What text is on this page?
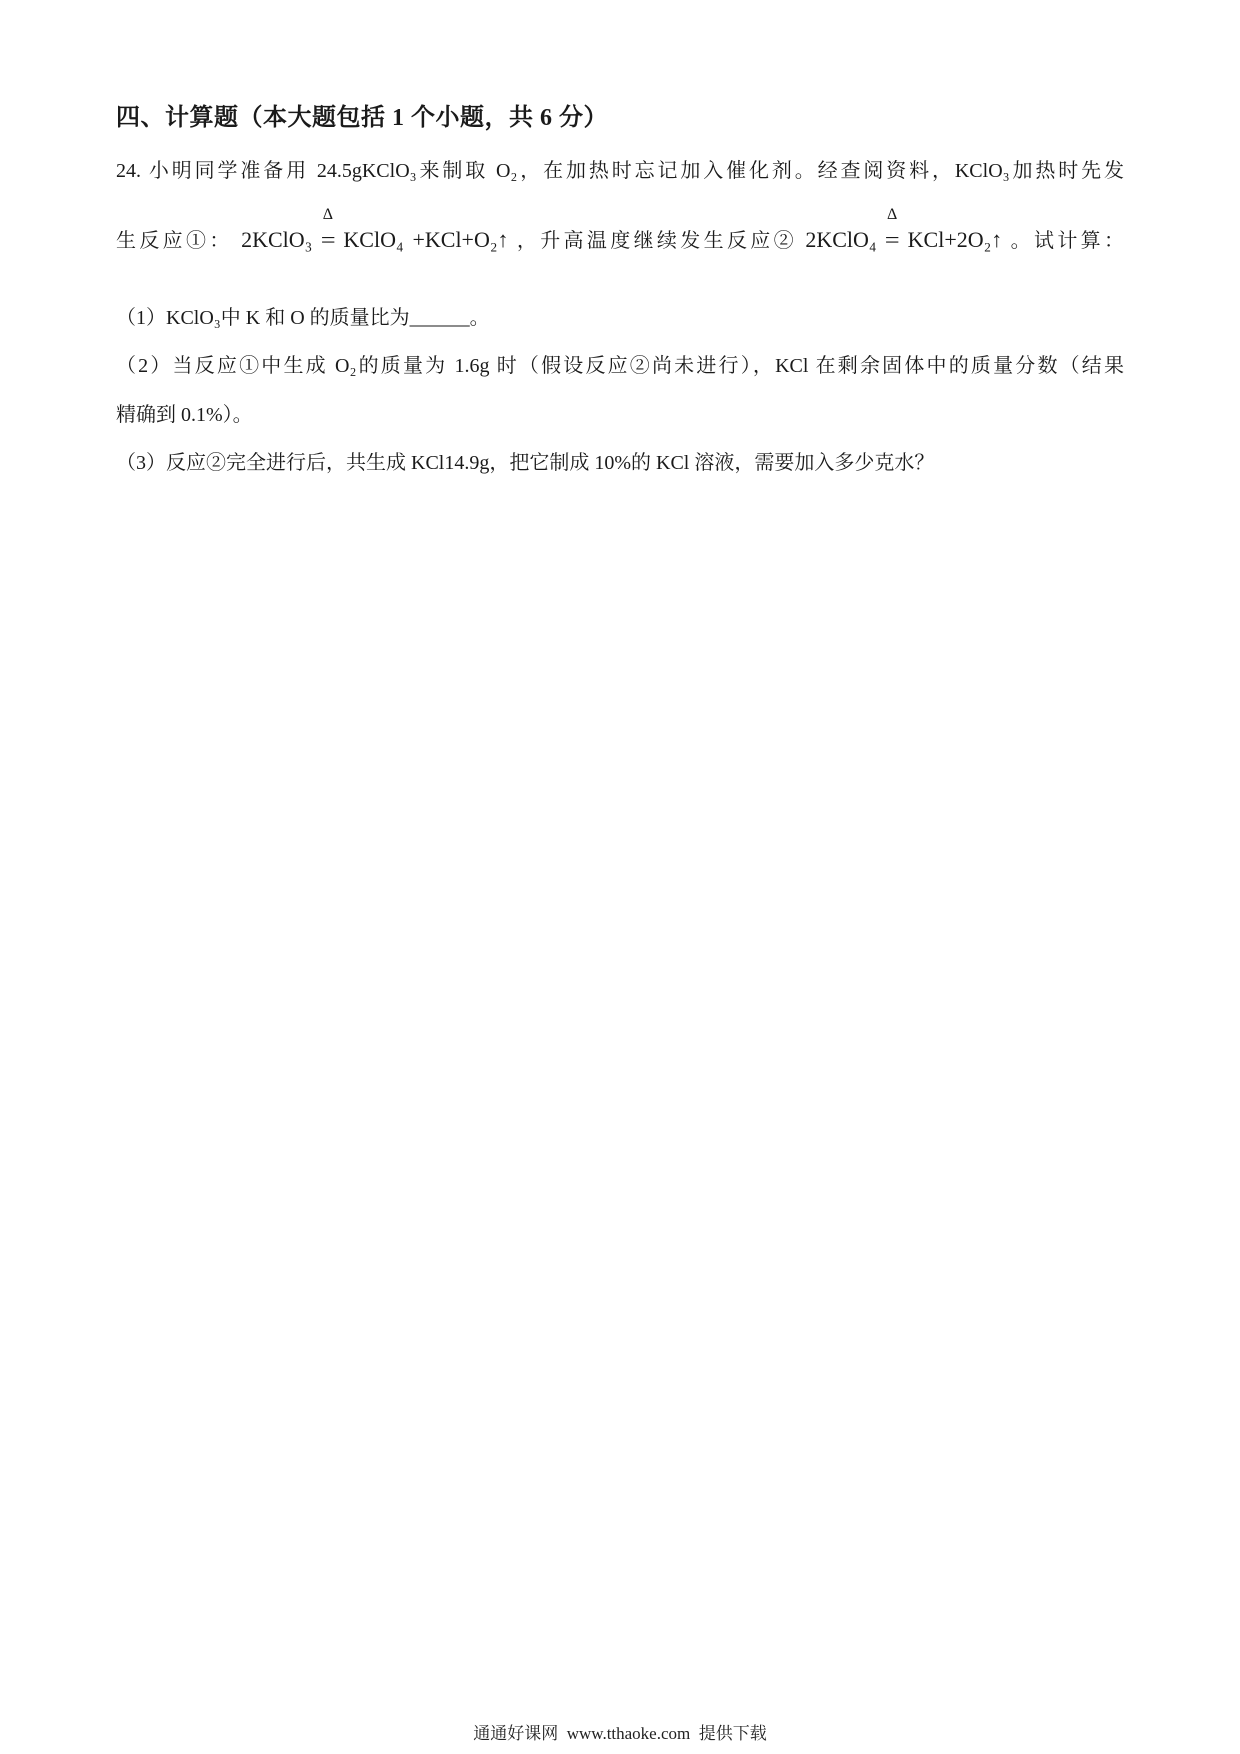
四、计算题（本大题包括 1 个小题，共 6 分）
24. 小明同学准备用 24.5gKClO₃来制取 O₂，在加热时忘记加入催化剂。经查阅资料，KClO₃加热时先发
生反应①： 2KClO₃
Δ
= KClO₄ +KCl+O₂↑ ，升高温度继续发生反应② 2KClO₄
Δ
= KCl+2O₂↑ 。试计算：
（1）KClO₃中 K 和 O 的质量比为______。
（2）当反应①中生成 O₂的质量为 1.6g 时（假设反应②尚未进行），KCl 在剩余固体中的质量分数（结果
精确到 0.1%）。
（3）反应②完全进行后，共生成 KCl14.9g，把它制成 10%的 KCl 溶液，需要加入多少克水？
通通好课网  www.tthaoke.com  提供下载
